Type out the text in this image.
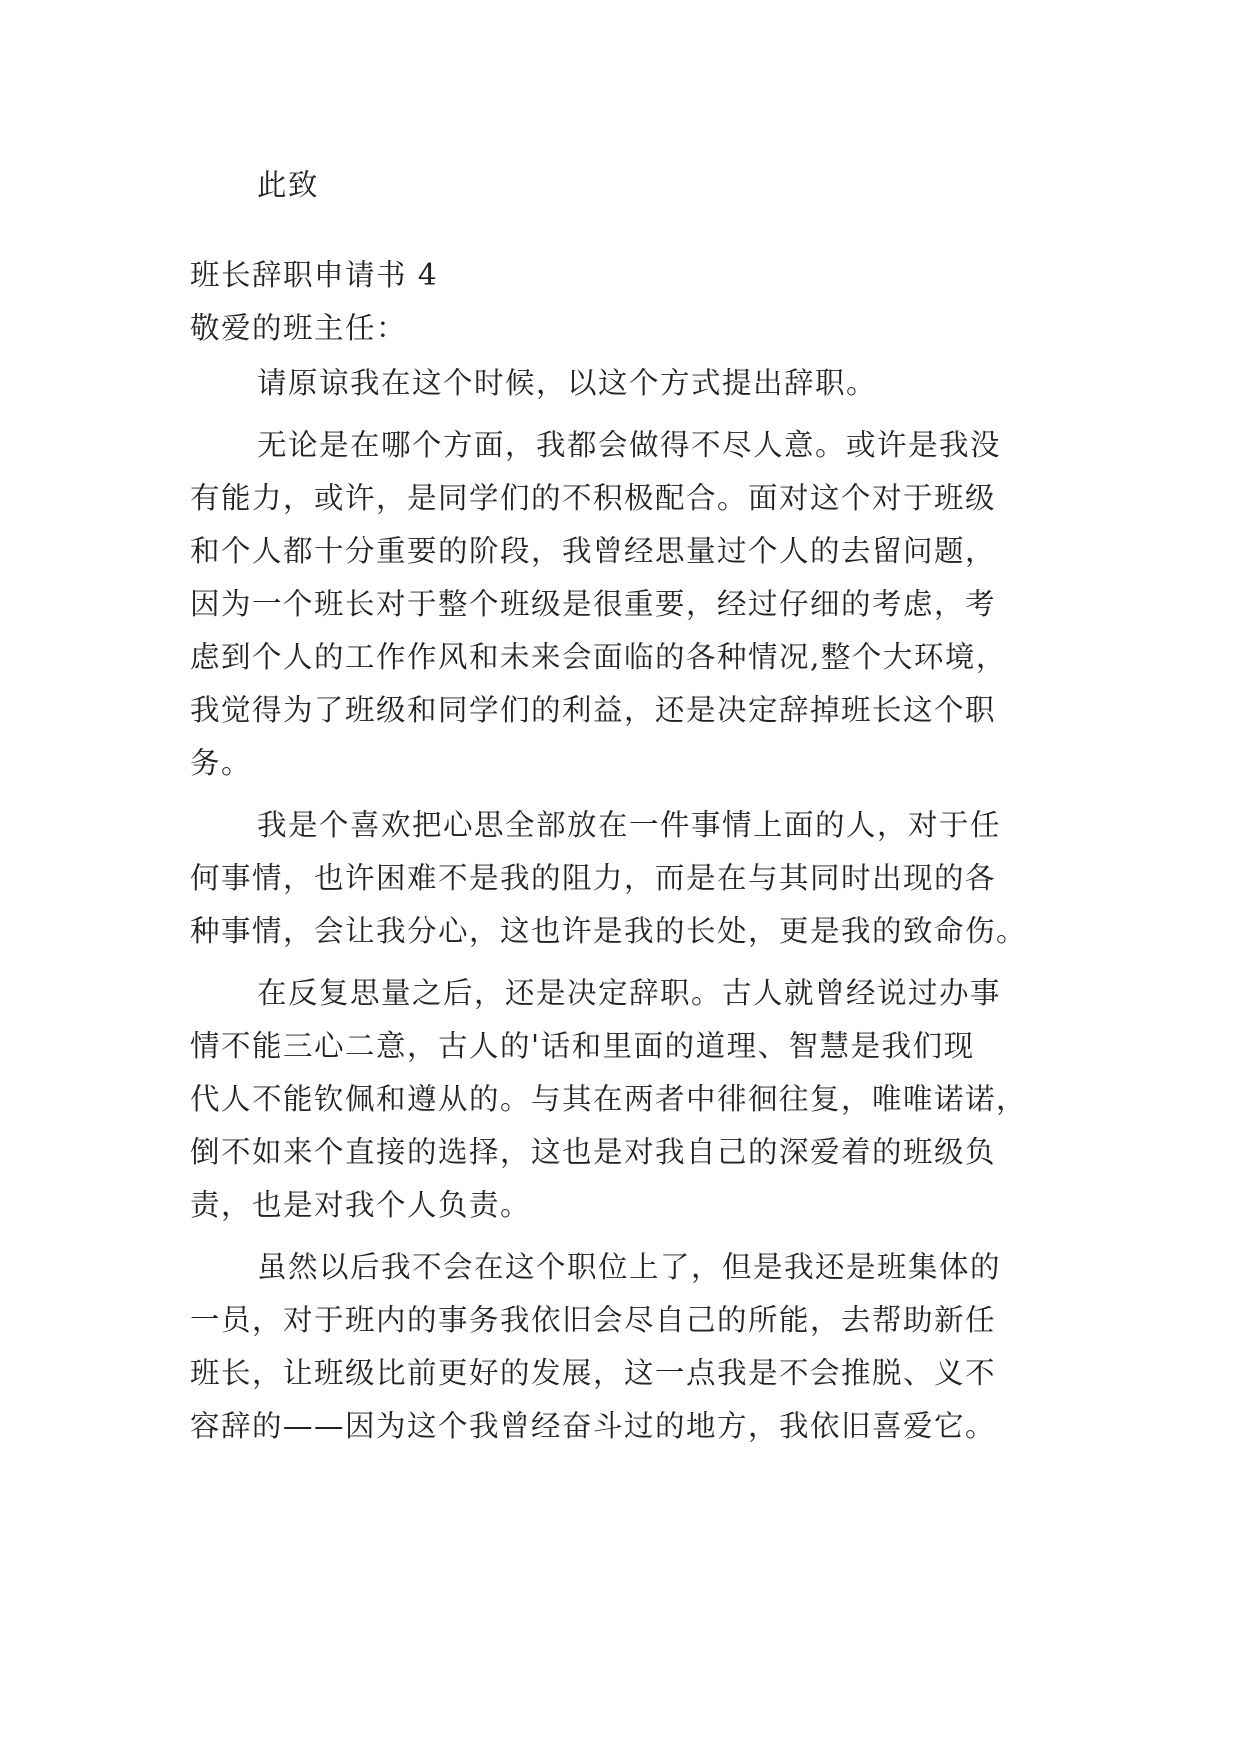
此致
班长辞职申请书 4
敬爱的班主任：
请原谅我在这个时候，以这个方式提出辞职。
无论是在哪个方面，我都会做得不尽人意。或许是我没
有能力，或许，是同学们的不积极配合。面对这个对于班级
和个人都十分重要的阶段，我曾经思量过个人的去留问题，
因为一个班长对于整个班级是很重要，经过仔细的考虑，考
虑到个人的工作作风和未来会面临的各种情况,整个大环境，
我觉得为了班级和同学们的利益，还是决定辞掉班长这个职
务。
我是个喜欢把心思全部放在一件事情上面的人，对于任
何事情，也许困难不是我的阻力，而是在与其同时出现的各
种事情，会让我分心，这也许是我的长处，更是我的致命伤。
在反复思量之后，还是决定辞职。古人就曾经说过办事
情不能三心二意，古人的'话和里面的道理、智慧是我们现
代人不能钦佩和遵从的。与其在两者中徘徊往复，唯唯诺诺，
倒不如来个直接的选择，这也是对我自己的深爱着的班级负
责，也是对我个人负责。
虽然以后我不会在这个职位上了，但是我还是班集体的
一员，对于班内的事务我依旧会尽自己的所能，去帮助新任
班长，让班级比前更好的发展，这一点我是不会推脱、义不
容辞的——因为这个我曾经奋斗过的地方，我依旧喜爱它。
